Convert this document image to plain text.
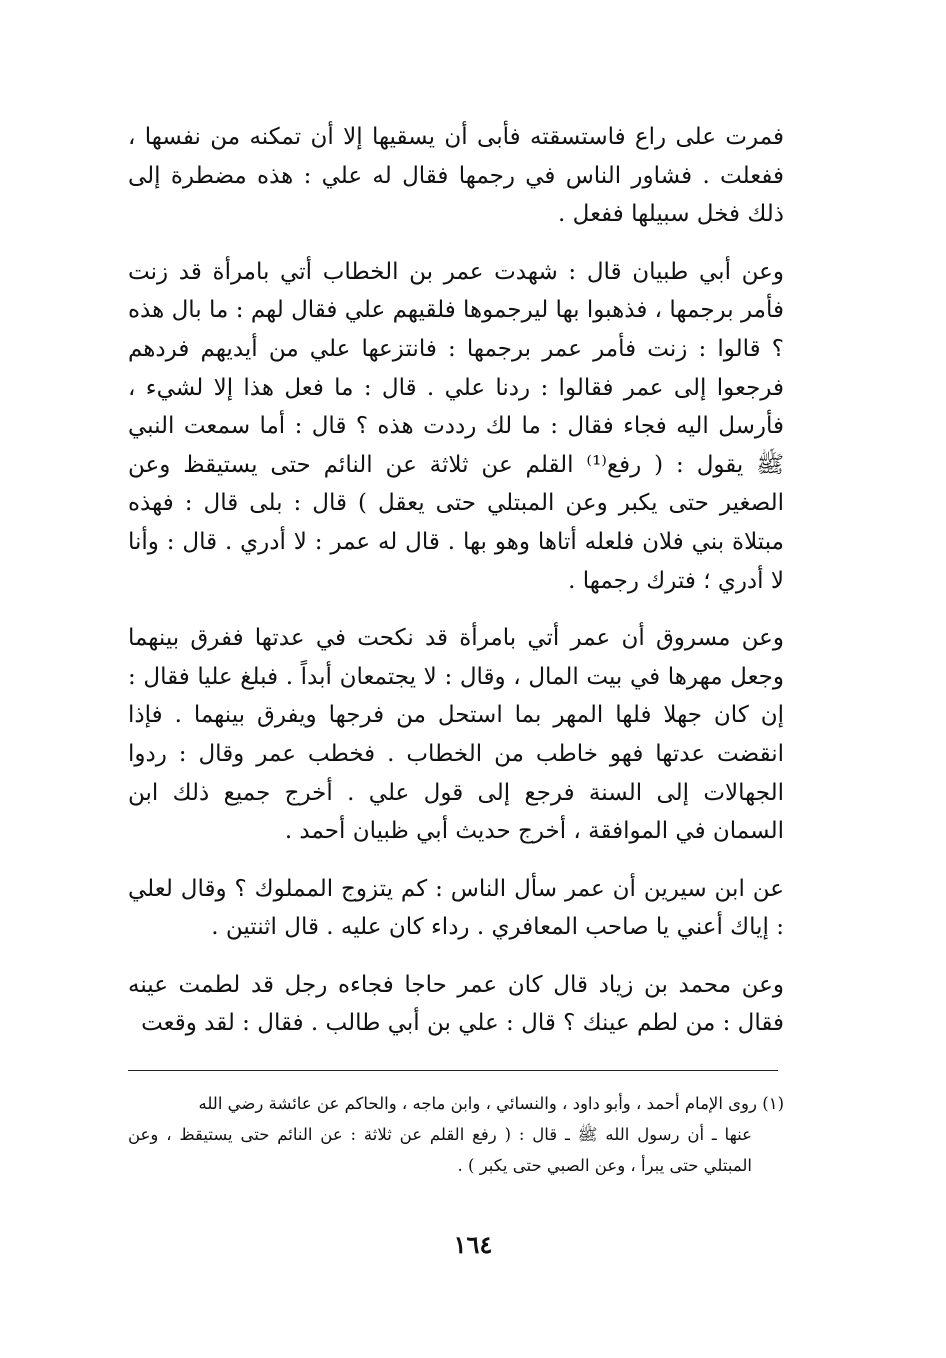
فمرت على راع فاستسقته فأبى أن يسقيها إلا أن تمكنه من نفسها ، ففعلت . فشاور الناس في رجمها فقال له علي : هذه مضطرة إلى ذلك فخل سبيلها ففعل .

وعن أبي طبيان قال : شهدت عمر بن الخطاب أتي بامرأة قد زنت فأمر برجمها ، فذهبوا بها ليرجموها فلقيهم علي فقال لهم : ما بال هذه ؟ قالوا : زنت فأمر عمر برجمها : فانتزعها علي من أيديهم فردهم فرجعوا إلى عمر فقالوا : ردنا علي . قال : ما فعل هذا إلا لشيء ، فأرسل اليه فجاء فقال : ما لك رددت هذه ؟ قال : أما سمعت النبي ﷺ يقول : ( رفع⁽¹⁾ القلم عن ثلاثة عن النائم حتى يستيقظ وعن الصغير حتى يكبر وعن المبتلي حتى يعقل ) قال : بلى قال : فهذه مبتلاة بني فلان فلعله أتاها وهو بها . قال له عمر : لا أدري . قال : وأنا لا أدري ؛ فترك رجمها .

وعن مسروق أن عمر أتي بامرأة قد نكحت في عدتها ففرق بينهما وجعل مهرها في بيت المال ، وقال : لا يجتمعان أبداً . فبلغ عليا فقال : إن كان جهلا فلها المهر بما استحل من فرجها ويفرق بينهما . فإذا انقضت عدتها فهو خاطب من الخطاب . فخطب عمر وقال : ردوا الجهالات إلى السنة فرجع إلى قول علي . أخرج جميع ذلك ابن السمان في الموافقة ، أخرج حديث أبي ظبيان أحمد .

عن ابن سيرين أن عمر سأل الناس : كم يتزوج المملوك ؟ وقال لعلي : إياك أعني يا صاحب المعافري . رداء كان عليه . قال اثنتين .

وعن محمد بن زياد قال كان عمر حاجا فجاءه رجل قد لطمت عينه فقال : من لطم عينك ؟ قال : علي بن أبي طالب . فقال : لقد وقعت

(١) روى الإمام أحمد ، وأبو داود ، والنسائي ، وابن ماجه ، والحاكم عن عائشة رضي الله

عنها ـ أن رسول الله ﷺ ـ قال : ( رفع القلم عن ثلاثة : عن النائم حتى يستيقظ ، وعن المبتلي حتى يبرأ ، وعن الصبي حتى يكبر ) .

١٦٤
